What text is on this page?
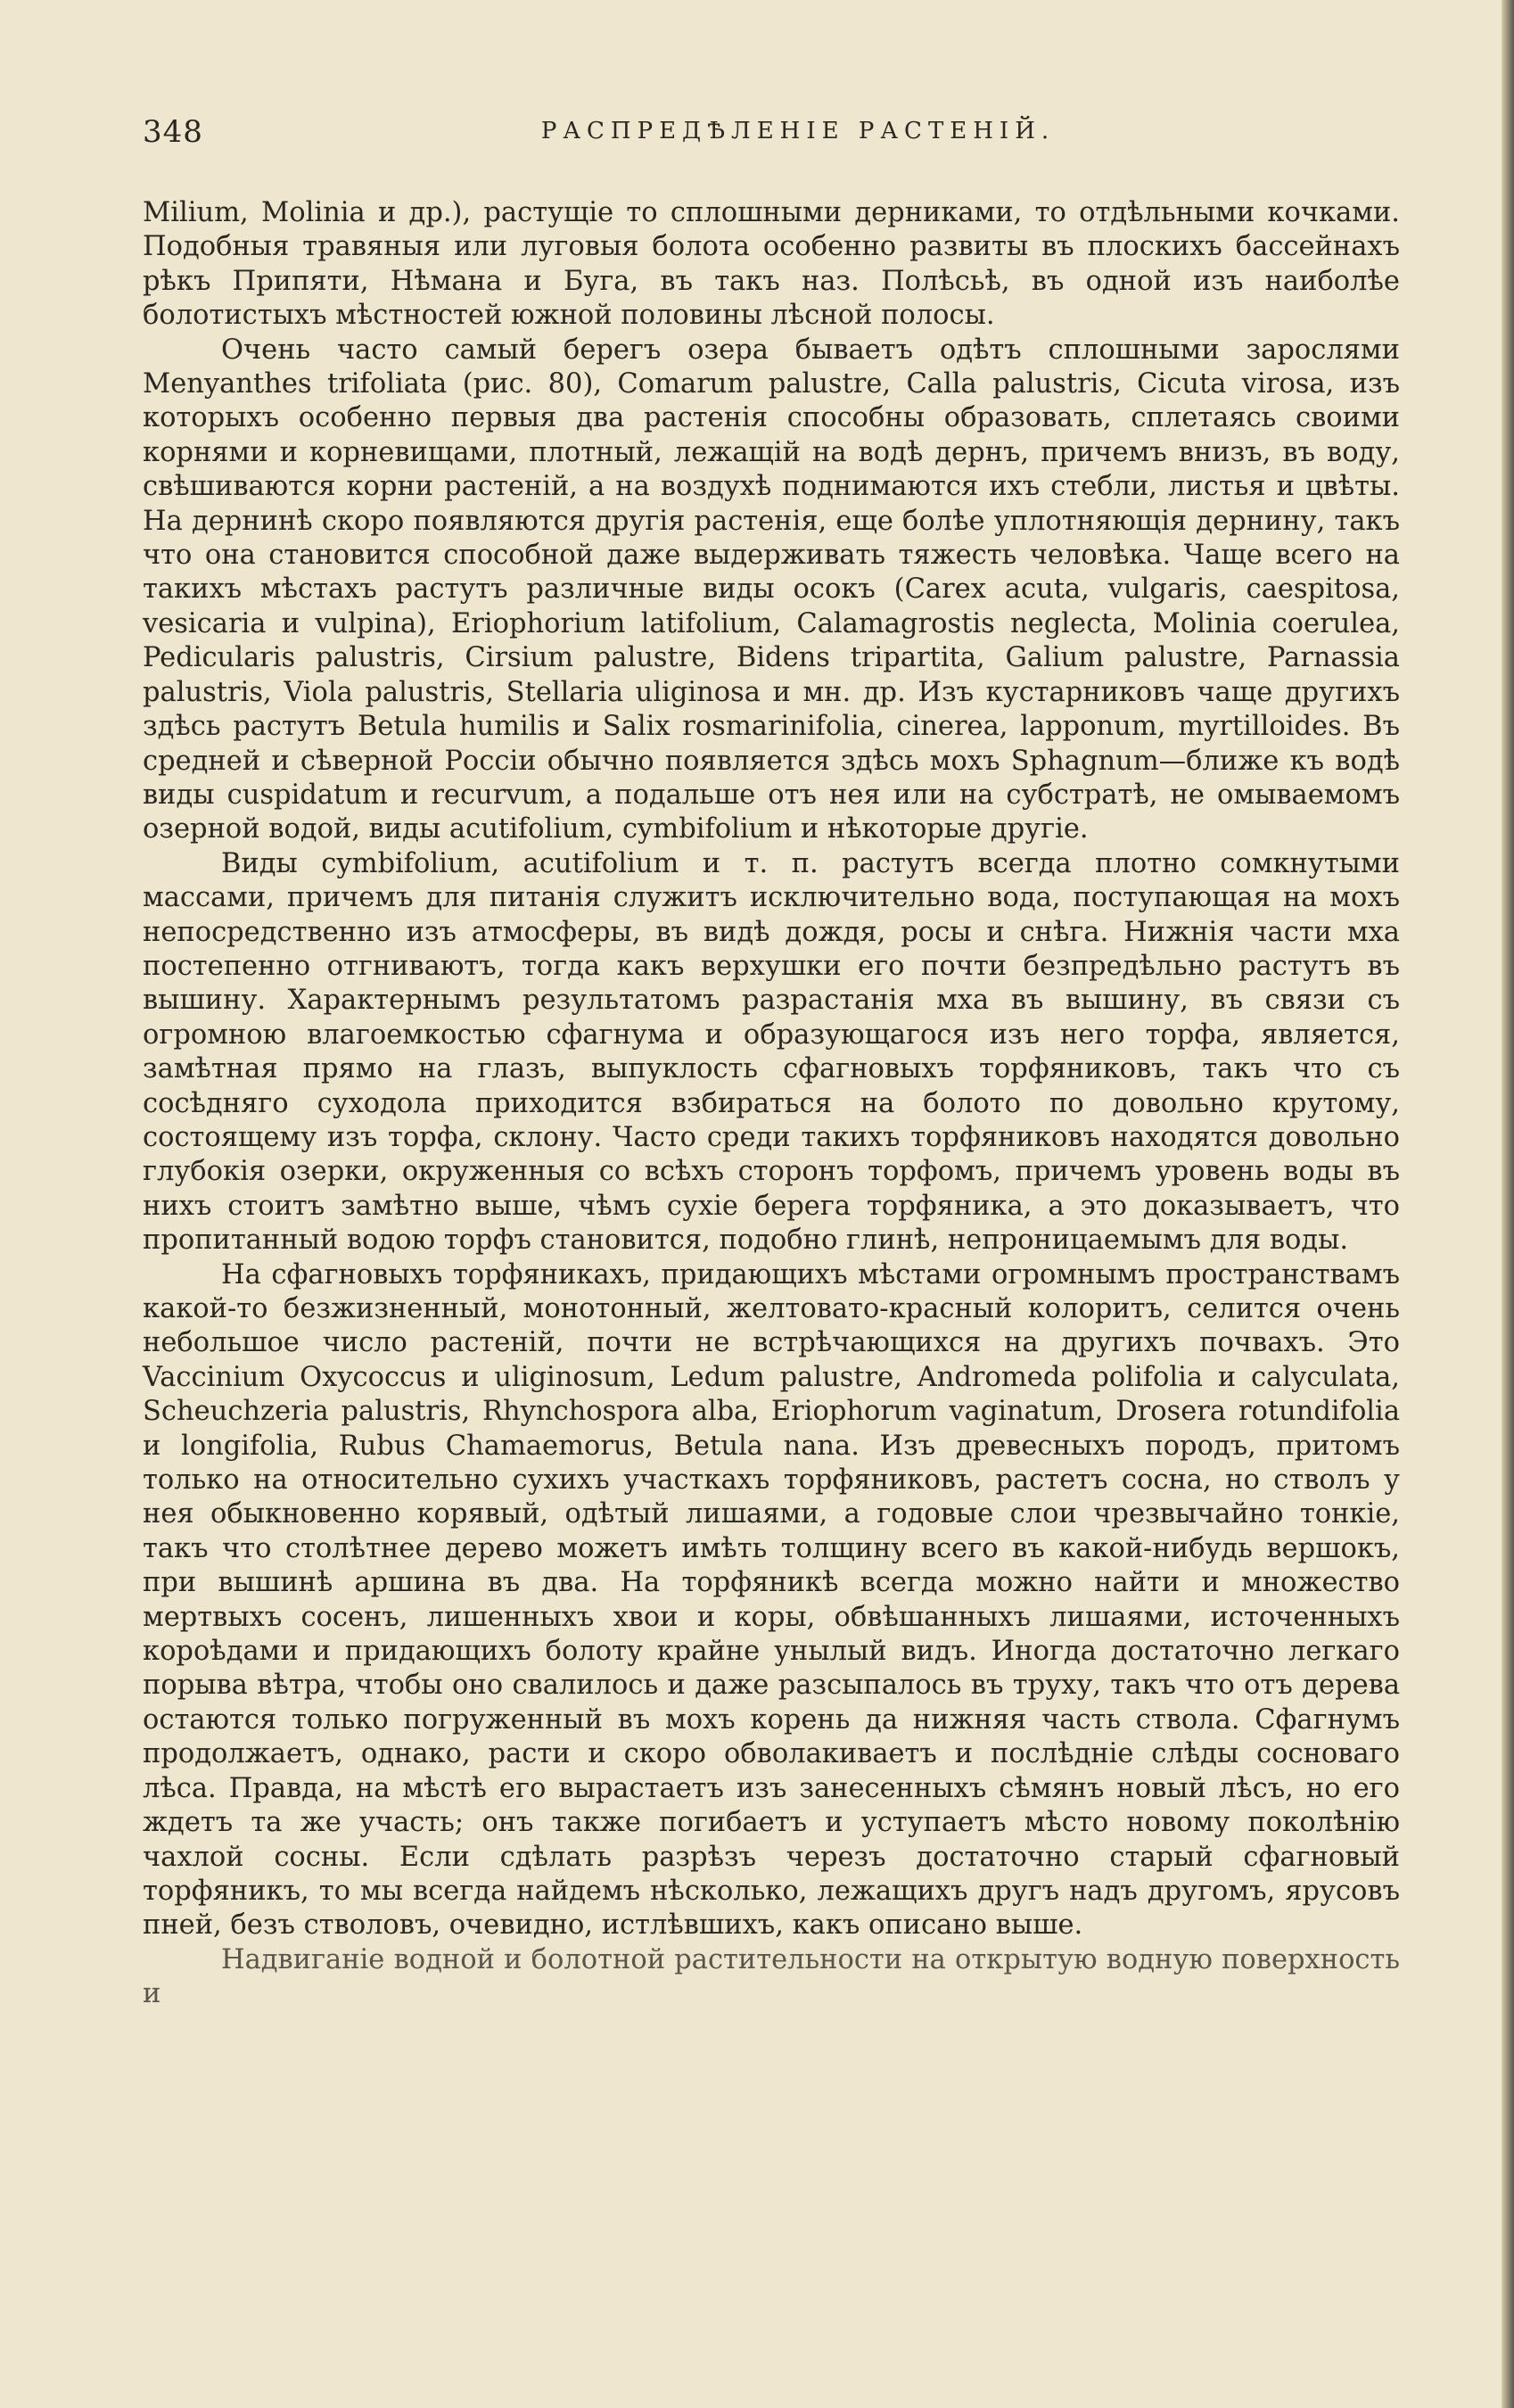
348	РАСПРЕДѢЛЕНІЕ РАСТЕНІЙ.

Milium, Molinia и др.), растущіе то сплошными дерниками, то отдѣльными кочками. Подобныя травяныя или луговыя болота особенно развиты въ плоскихъ бассейнахъ рѣкъ Припяти, Нѣмана и Буга, въ такъ наз. Полѣсьѣ, въ одной изъ наиболѣе болотистыхъ мѣстностей южной половины лѣсной полосы.

Очень часто самый берегъ озера бываетъ одѣтъ сплошными зарослями Menyanthes trifoliata (рис. 80), Comarum palustre, Calla palustris, Cicuta virosa, изъ которыхъ особенно первыя два растенія способны образовать, сплетаясь своими корнями и корневищами, плотный, лежащій на водѣ дернъ, причемъ внизъ, въ воду, свѣшиваются корни растеній, а на воздухѣ поднимаются ихъ стебли, листья и цвѣты. На дернинѣ скоро появляются другія растенія, еще болѣе уплотняющія дернину, такъ что она становится способной даже выдерживать тяжесть человѣка. Чаще всего на такихъ мѣстахъ растутъ различные виды осокъ (Carex acuta, vulgaris, caespitosa, vesicaria и vulpina), Eriophorium latifolium, Calamagrostis neglecta, Molinia coerulea, Pedicularis palustris, Cirsium palustre, Bidens tripartita, Galium palustre, Parnassia palustris, Viola palustris, Stellaria uliginosa и мн. др. Изъ кустарниковъ чаще другихъ здѣсь растутъ Betula humilis и Salix rosmarinifolia, cinerea, lapponum, myrtilloides. Въ средней и сѣверной Россіи обычно появляется здѣсь мохъ Sphagnum—ближе къ водѣ виды cuspidatum и recurvum, а подальше отъ нея или на субстратѣ, не омываемомъ озерной водой, виды acutifolium, cymbifolium и нѣкоторые другіе.

Виды cymbifolium, acutifolium и т. п. растутъ всегда плотно сомкнутыми массами, причемъ для питанія служитъ исключительно вода, поступающая на мохъ непосредственно изъ атмосферы, въ видѣ дождя, росы и снѣга. Нижнія части мха постепенно отгниваютъ, тогда какъ верхушки его почти безпредѣльно растутъ въ вышину. Характернымъ результатомъ разрастанія мха въ вышину, въ связи съ огромною влагоемкостью сфагнума и образующагося изъ него торфа, является, замѣтная прямо на глазъ, выпуклость сфагновыхъ торфяниковъ, такъ что съ сосѣдняго суходола приходится взбираться на болото по довольно крутому, состоящему изъ торфа, склону. Часто среди такихъ торфяниковъ находятся довольно глубокія озерки, окруженныя со всѣхъ сторонъ торфомъ, причемъ уровень воды въ нихъ стоитъ замѣтно выше, чѣмъ сухіе берега торфяника, а это доказываетъ, что пропитанный водою торфъ становится, подобно глинѣ, непроницаемымъ для воды.

На сфагновыхъ торфяникахъ, придающихъ мѣстами огромнымъ пространствамъ какой-то безжизненный, монотонный, желтовато-красный колоритъ, селится очень небольшое число растеній, почти не встрѣчающихся на другихъ почвахъ. Это Vaccinium Oxycoccus и uliginosum, Ledum palustre, Andromeda polifolia и calyculata, Scheuchzeria palustris, Rhynchospora alba, Eriophorum vaginatum, Drosera rotundifolia и longifolia, Rubus Chamaemorus, Betula nana. Изъ древесныхъ породъ, притомъ только на относительно сухихъ участкахъ торфяниковъ, растетъ сосна, но стволъ у нея обыкновенно корявый, одѣтый лишаями, а годовые слои чрезвычайно тонкіе, такъ что столѣтнее дерево можетъ имѣть толщину всего въ какой-нибудь вершокъ, при вышинѣ аршина въ два. На торфяникѣ всегда можно найти и множество мертвыхъ сосенъ, лишенныхъ хвои и коры, обвѣшанныхъ лишаями, источенныхъ короѣдами и придающихъ болоту крайне унылый видъ. Иногда достаточно легкаго порыва вѣтра, чтобы оно свалилось и даже разсыпалось въ труху, такъ что отъ дерева остаются только погруженный въ мохъ корень да нижняя часть ствола. Сфагнумъ продолжаетъ, однако, расти и скоро обволакиваетъ и послѣдніе слѣды сосноваго лѣса. Правда, на мѣстѣ его вырастаетъ изъ занесенныхъ сѣмянъ новый лѣсъ, но его ждетъ та же участь; онъ также погибаетъ и уступаетъ мѣсто новому поколѣнію чахлой сосны. Если сдѣлать разрѣзъ черезъ достаточно старый сфагновый торфяникъ, то мы всегда найдемъ нѣсколько, лежащихъ другъ надъ другомъ, ярусовъ пней, безъ стволовъ, очевидно, истлѣвшихъ, какъ описано выше.

Надвиганіе водной и болотной растительности на открытую водную поверхность и
